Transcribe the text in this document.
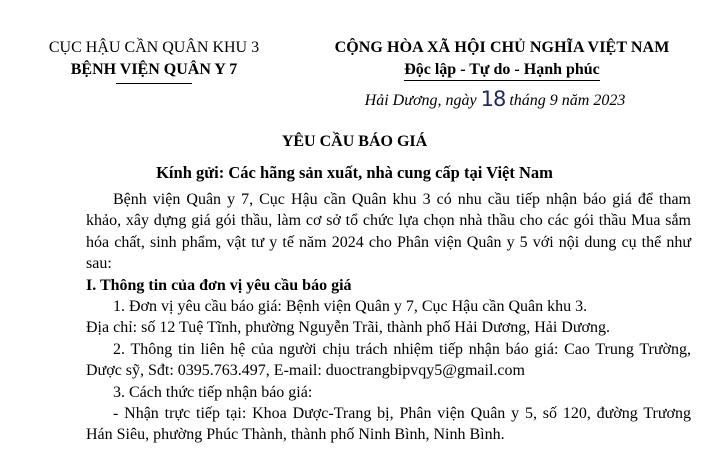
CỤC HẬU CẦN QUÂN KHU 3
BỆNH VIỆN QUÂN Y 7
CỘNG HÒA XÃ HỘI CHỦ NGHĨA VIỆT NAM
Độc lập - Tự do - Hạnh phúc
Hải Dương, ngày 18 tháng 9 năm 2023
YÊU CẦU BÁO GIÁ
Kính gửi: Các hãng sản xuất, nhà cung cấp tại Việt Nam

Bệnh viện Quân y 7, Cục Hậu cần Quân khu 3 có nhu cầu tiếp nhận báo giá để tham khảo, xây dựng giá gói thầu, làm cơ sở tổ chức lựa chọn nhà thầu cho các gói thầu Mua sắm hóa chất, sinh phẩm, vật tư y tế năm 2024 cho Phân viện Quân y 5 với nội dung cụ thể như sau:

I. Thông tin của đơn vị yêu cầu báo giá

1. Đơn vị yêu cầu báo giá: Bệnh viện Quân y 7, Cục Hậu cần Quân khu 3.

Địa chỉ: số 12 Tuệ Tĩnh, phường Nguyễn Trãi, thành phố Hải Dương, Hải Dương.

2. Thông tin liên hệ của người chịu trách nhiệm tiếp nhận báo giá: Cao Trung Trường, Dược sỹ, Sđt: 0395.763.497, E-mail: duoctrangbipvqy5@gmail.com

3. Cách thức tiếp nhận báo giá:

- Nhận trực tiếp tại: Khoa Dược-Trang bị, Phân viện Quân y 5, số 120, đường Trương Hán Siêu, phường Phúc Thành, thành phố Ninh Bình, Ninh Bình.
